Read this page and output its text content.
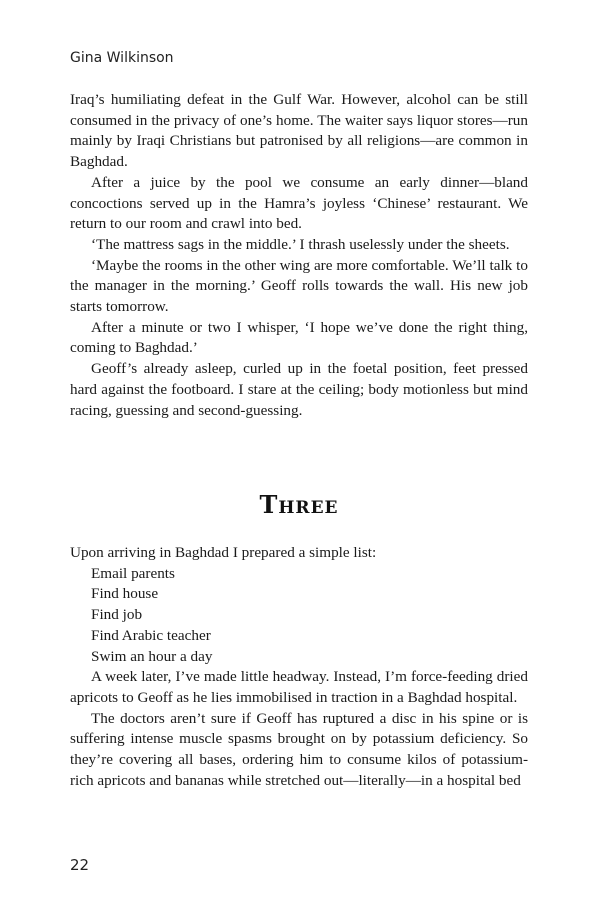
Gina Wilkinson

Iraq’s humiliating defeat in the Gulf War. However, alcohol can be still consumed in the privacy of one’s home. The waiter says liquor stores—run mainly by Iraqi Christians but patronised by all religions—are common in Baghdad.

After a juice by the pool we consume an early dinner—bland concoctions served up in the Hamra’s joyless ‘Chinese’ restaurant. We return to our room and crawl into bed.

‘The mattress sags in the middle.’ I thrash uselessly under the sheets.

‘Maybe the rooms in the other wing are more comfortable. We’ll talk to the manager in the morning.’ Geoff rolls towards the wall. His new job starts tomorrow.

After a minute or two I whisper, ‘I hope we’ve done the right thing, coming to Baghdad.’

Geoff’s already asleep, curled up in the foetal position, feet pressed hard against the footboard. I stare at the ceiling; body motionless but mind racing, guessing and second-guessing.

Three

Upon arriving in Baghdad I prepared a simple list:

Email parents

Find house

Find job

Find Arabic teacher

Swim an hour a day

A week later, I’ve made little headway. Instead, I’m force-feeding dried apricots to Geoff as he lies immobilised in traction in a Baghdad hospital.

The doctors aren’t sure if Geoff has ruptured a disc in his spine or is suffering intense muscle spasms brought on by potassium deficiency. So they’re covering all bases, ordering him to consume kilos of potassium-rich apricots and bananas while stretched out—literally—in a hospital bed

22
